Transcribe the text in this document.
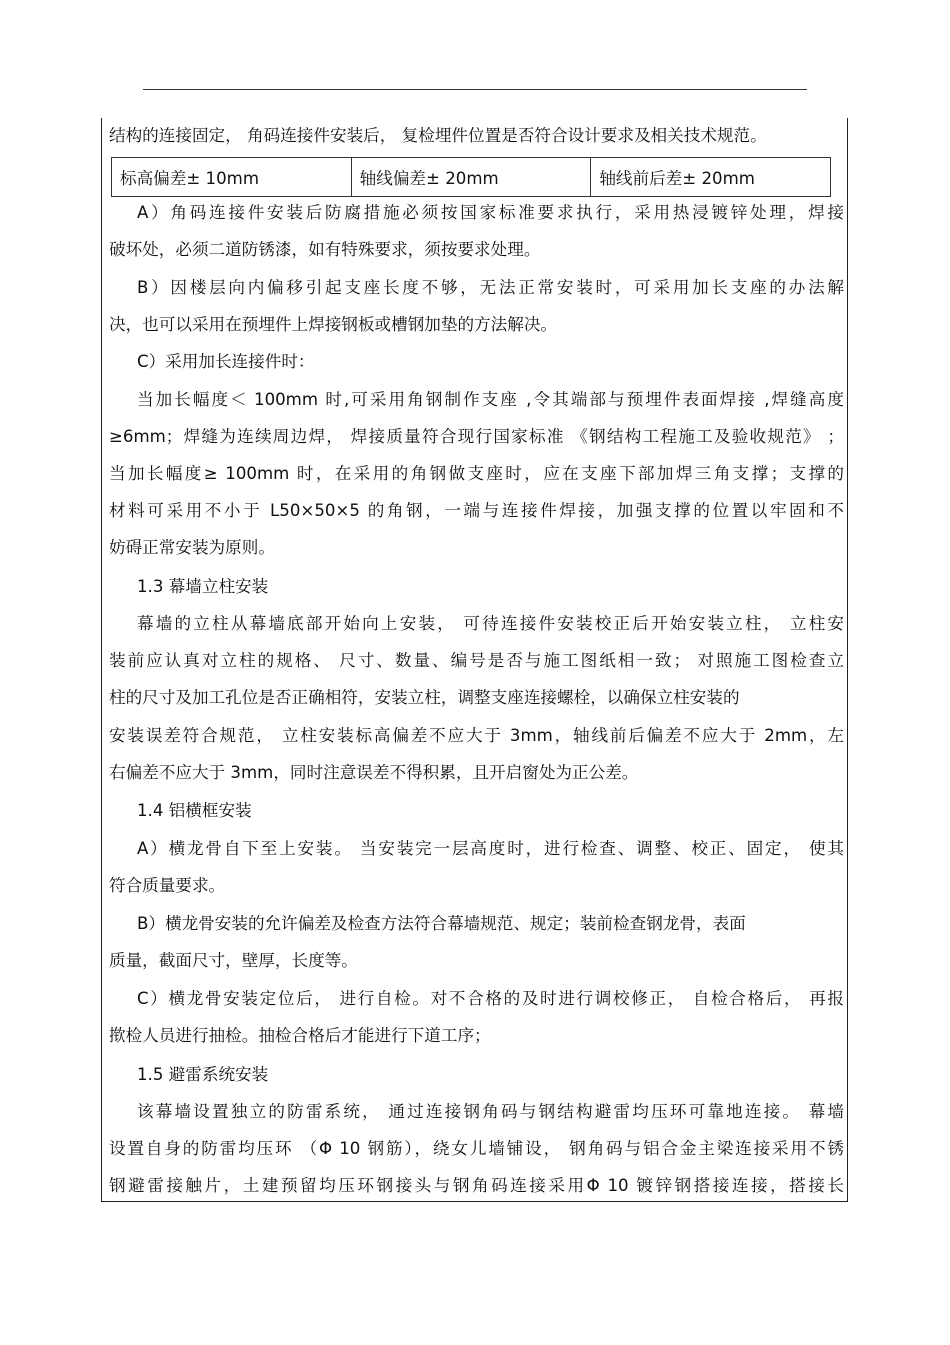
结构的连接固定， 角码连接件安装后， 复检埋件位置是否符合设计要求及相关技术规范。
标高偏差± 10mm	轴线偏差± 20mm	轴线前后差± 20mm
A）角码连接件安装后防腐措施必须按国家标准要求执行，采用热浸镀锌处理，焊接
破坏处，必须二道防锈漆，如有特殊要求，须按要求处理。
B）因楼层向内偏移引起支座长度不够，无法正常安装时，可采用加长支座的办法解
决，也可以采用在预埋件上焊接钢板或槽钢加垫的方法解决。
C）采用加长连接件时：
当加长幅度＜ 100mm 时,可采用角钢制作支座 ,令其端部与预埋件表面焊接 ,焊缝高度
≥6mm；焊缝为连续周边焊， 焊接质量符合现行国家标准 《钢结构工程施工及验收规范》 ；
当加长幅度≥ 100mm 时，在采用的角钢做支座时，应在支座下部加焊三角支撑；支撑的
材料可采用不小于 L50×50×5 的角钢，一端与连接件焊接，加强支撑的位置以牢固和不
妨碍正常安装为原则。
1.3 幕墙立柱安装
幕墙的立柱从幕墙底部开始向上安装， 可待连接件安装校正后开始安装立柱， 立柱安
装前应认真对立柱的规格、 尺寸、数量、编号是否与施工图纸相一致； 对照施工图检查立
柱的尺寸及加工孔位是否正确相符，安装立柱，调整支座连接螺栓，以确保立柱安装的
安装误差符合规范， 立柱安装标高偏差不应大于 3mm，轴线前后偏差不应大于 2mm，左
右偏差不应大于 3mm，同时注意误差不得积累，且开启窗处为正公差。
1.4 铝横框安装
A）横龙骨自下至上安装。 当安装完一层高度时，进行检查、调整、校正、固定， 使其
符合质量要求。
B）横龙骨安装的允许偏差及检查方法符合幕墙规范、规定；装前检查钢龙骨，表面
质量，截面尺寸，壁厚，长度等。
C）横龙骨安装定位后， 进行自检。对不合格的及时进行调校修正， 自检合格后， 再报
揿检人员进行抽检。抽检合格后才能进行下道工序；
1.5 避雷系统安装
该幕墙设置独立的防雷系统， 通过连接钢角码与钢结构避雷均压环可靠地连接。 幕墙
设置自身的防雷均压环 （Φ 10 钢筋），绕女儿墙铺设， 钢角码与铝合金主梁连接采用不锈
钢避雷接触片，土建预留均压环钢接头与钢角码连接采用Φ 10 镀锌钢搭接连接，搭接长
